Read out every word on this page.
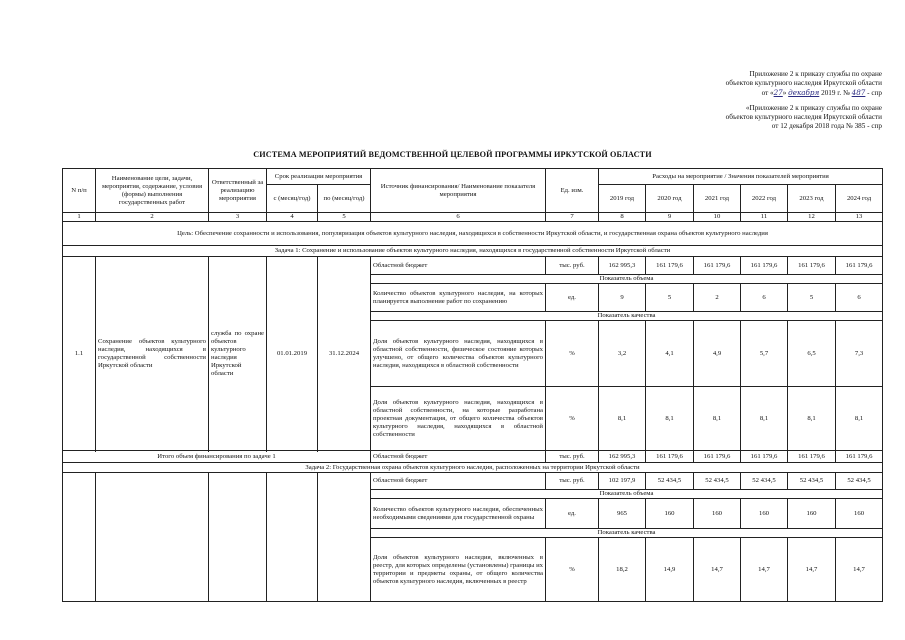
Приложение 2 к приказу службы по охране

объектов культурного наследия Иркутской области

от «27» декабря 2019 г. № 487 - спр

«Приложение 2 к приказу службы по охране

объектов культурного наследия Иркутской области

от 12 декабря 2018 года № 385 - спр

СИСТЕМА МЕРОПРИЯТИЙ ВЕДОМСТВЕННОЙ ЦЕЛЕВОЙ ПРОГРАММЫ ИРКУТСКОЙ ОБЛАСТИ
N п/п	Наименование цели, задачи, мероприятия, содержание, условия (формы) выполнения государственных работ	Ответственный за реализацию мероприятия	Срок реализации мероприятия		Источник финансирования/ Наименование показателя мероприятия	Ед. изм.	Расходы на мероприятие / Значения показателей мероприятия					
			с (месяц/год)	по (месяц/год)			2019 год	2020 год	2021 год	2022 год	2023 год	2024 год

1	2	3	4	5	6	7	8	9	10	11	12	13
Цель: Обеспечение сохранности и использования, популяризация объектов культурного наследия, находящихся в собственности Иркутской области, и государственная охрана объектов культурного наследия												
Задача 1: Сохранение и использование объектов культурного наследия, находящихся в государственной собственности Иркутской области												
1.1	Сохранение объектов культурного наследия, находящихся в государственной собственности Иркутской области	служба по охране объектов культурного наследия Иркутской области	01.01.2019	31.12.2024	Областной бюджет	тыс. руб.	162 995,3	161 179,6	161 179,6	161 179,6	161 179,6	161 179,6
					Показатель объема							
					Количество объектов культурного наследия, на которых планируется выполнение работ по сохранению	ед.	9	5	2	6	5	6
					Показатель качества							
					Доля объектов культурного наследия, находящихся в областной собственности, физическое состояние которых улучшено, от общего количества объектов культурного наследия, находящихся в областной собственности	%	3,2	4,1	4,9	5,7	6,5	7,3
					Доля объектов культурного наследия, находящихся в областной собственности, на которые разработана проектная документация, от общего количества объектов культурного наследия, находящихся в областной собственности	%	8,1	8,1	8,1	8,1	8,1	8,1

Итого объем финансирования по задаче 1					Областной бюджет	тыс. руб.	162 995,3	161 179,6	161 179,6	161 179,6	161 179,6	161 179,6
Задача 2: Государственная охрана объектов культурного наследия, расположенных на территории Иркутской области												
					Областной бюджет	тыс. руб.	102 197,9	52 434,5	52 434,5	52 434,5	52 434,5	52 434,5
					Показатель объема							
					Количество объектов культурного наследия, обеспеченных необходимыми сведениями для государственной охраны	ед.	965	160	160	160	160	160
					Показатель качества							
					Доля объектов культурного наследия, включенных в реестр, для которых определены (установлены) границы их территории и предметы охраны, от общего количества объектов культурного наследия, включенных в реестр	%	18,2	14,9	14,7	14,7	14,7	14,7
